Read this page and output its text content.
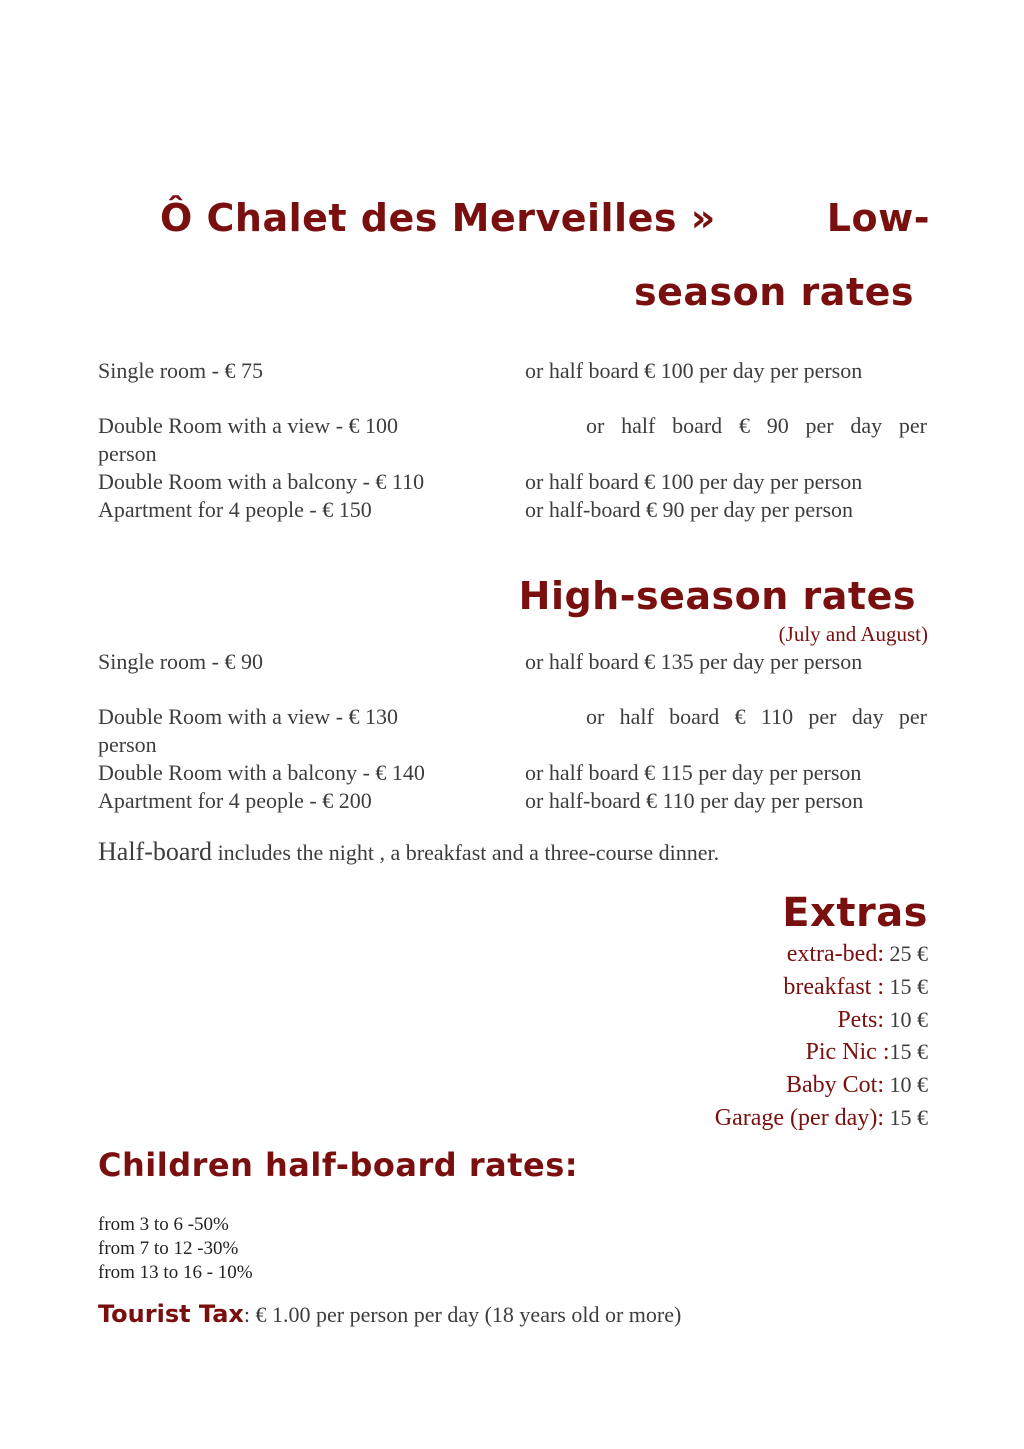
Ô Chalet des Merveilles »	Low-
season rates
Single room - € 75	or half board € 100 per day per person
Double Room with a view - € 100	or half board € 90 per day per
person
Double Room with a balcony - € 110	or half board € 100 per day per person
Apartment for 4 people - € 150	or half-board € 90 per day per person
High-season rates
(July and August)
Single room - € 90	or half board € 135 per day per person
Double Room with a view - € 130	or half board € 110 per day per
person
Double Room with a balcony - € 140	or half board € 115 per day per person
Apartment for 4 people - € 200	or half-board € 110 per day per person
Half-board includes the night , a breakfast and a three-course dinner.
Extras
extra-bed: 25 €
breakfast : 15 €
Pets: 10 €
Pic Nic :15 €
Baby Cot: 10 €
Garage (per day): 15 €
Children half-board rates:
from 3 to 6 -50%
from 7 to 12 -30%
from 13 to 16 - 10%
Tourist Tax: € 1.00 per person per day (18 years old or more)
